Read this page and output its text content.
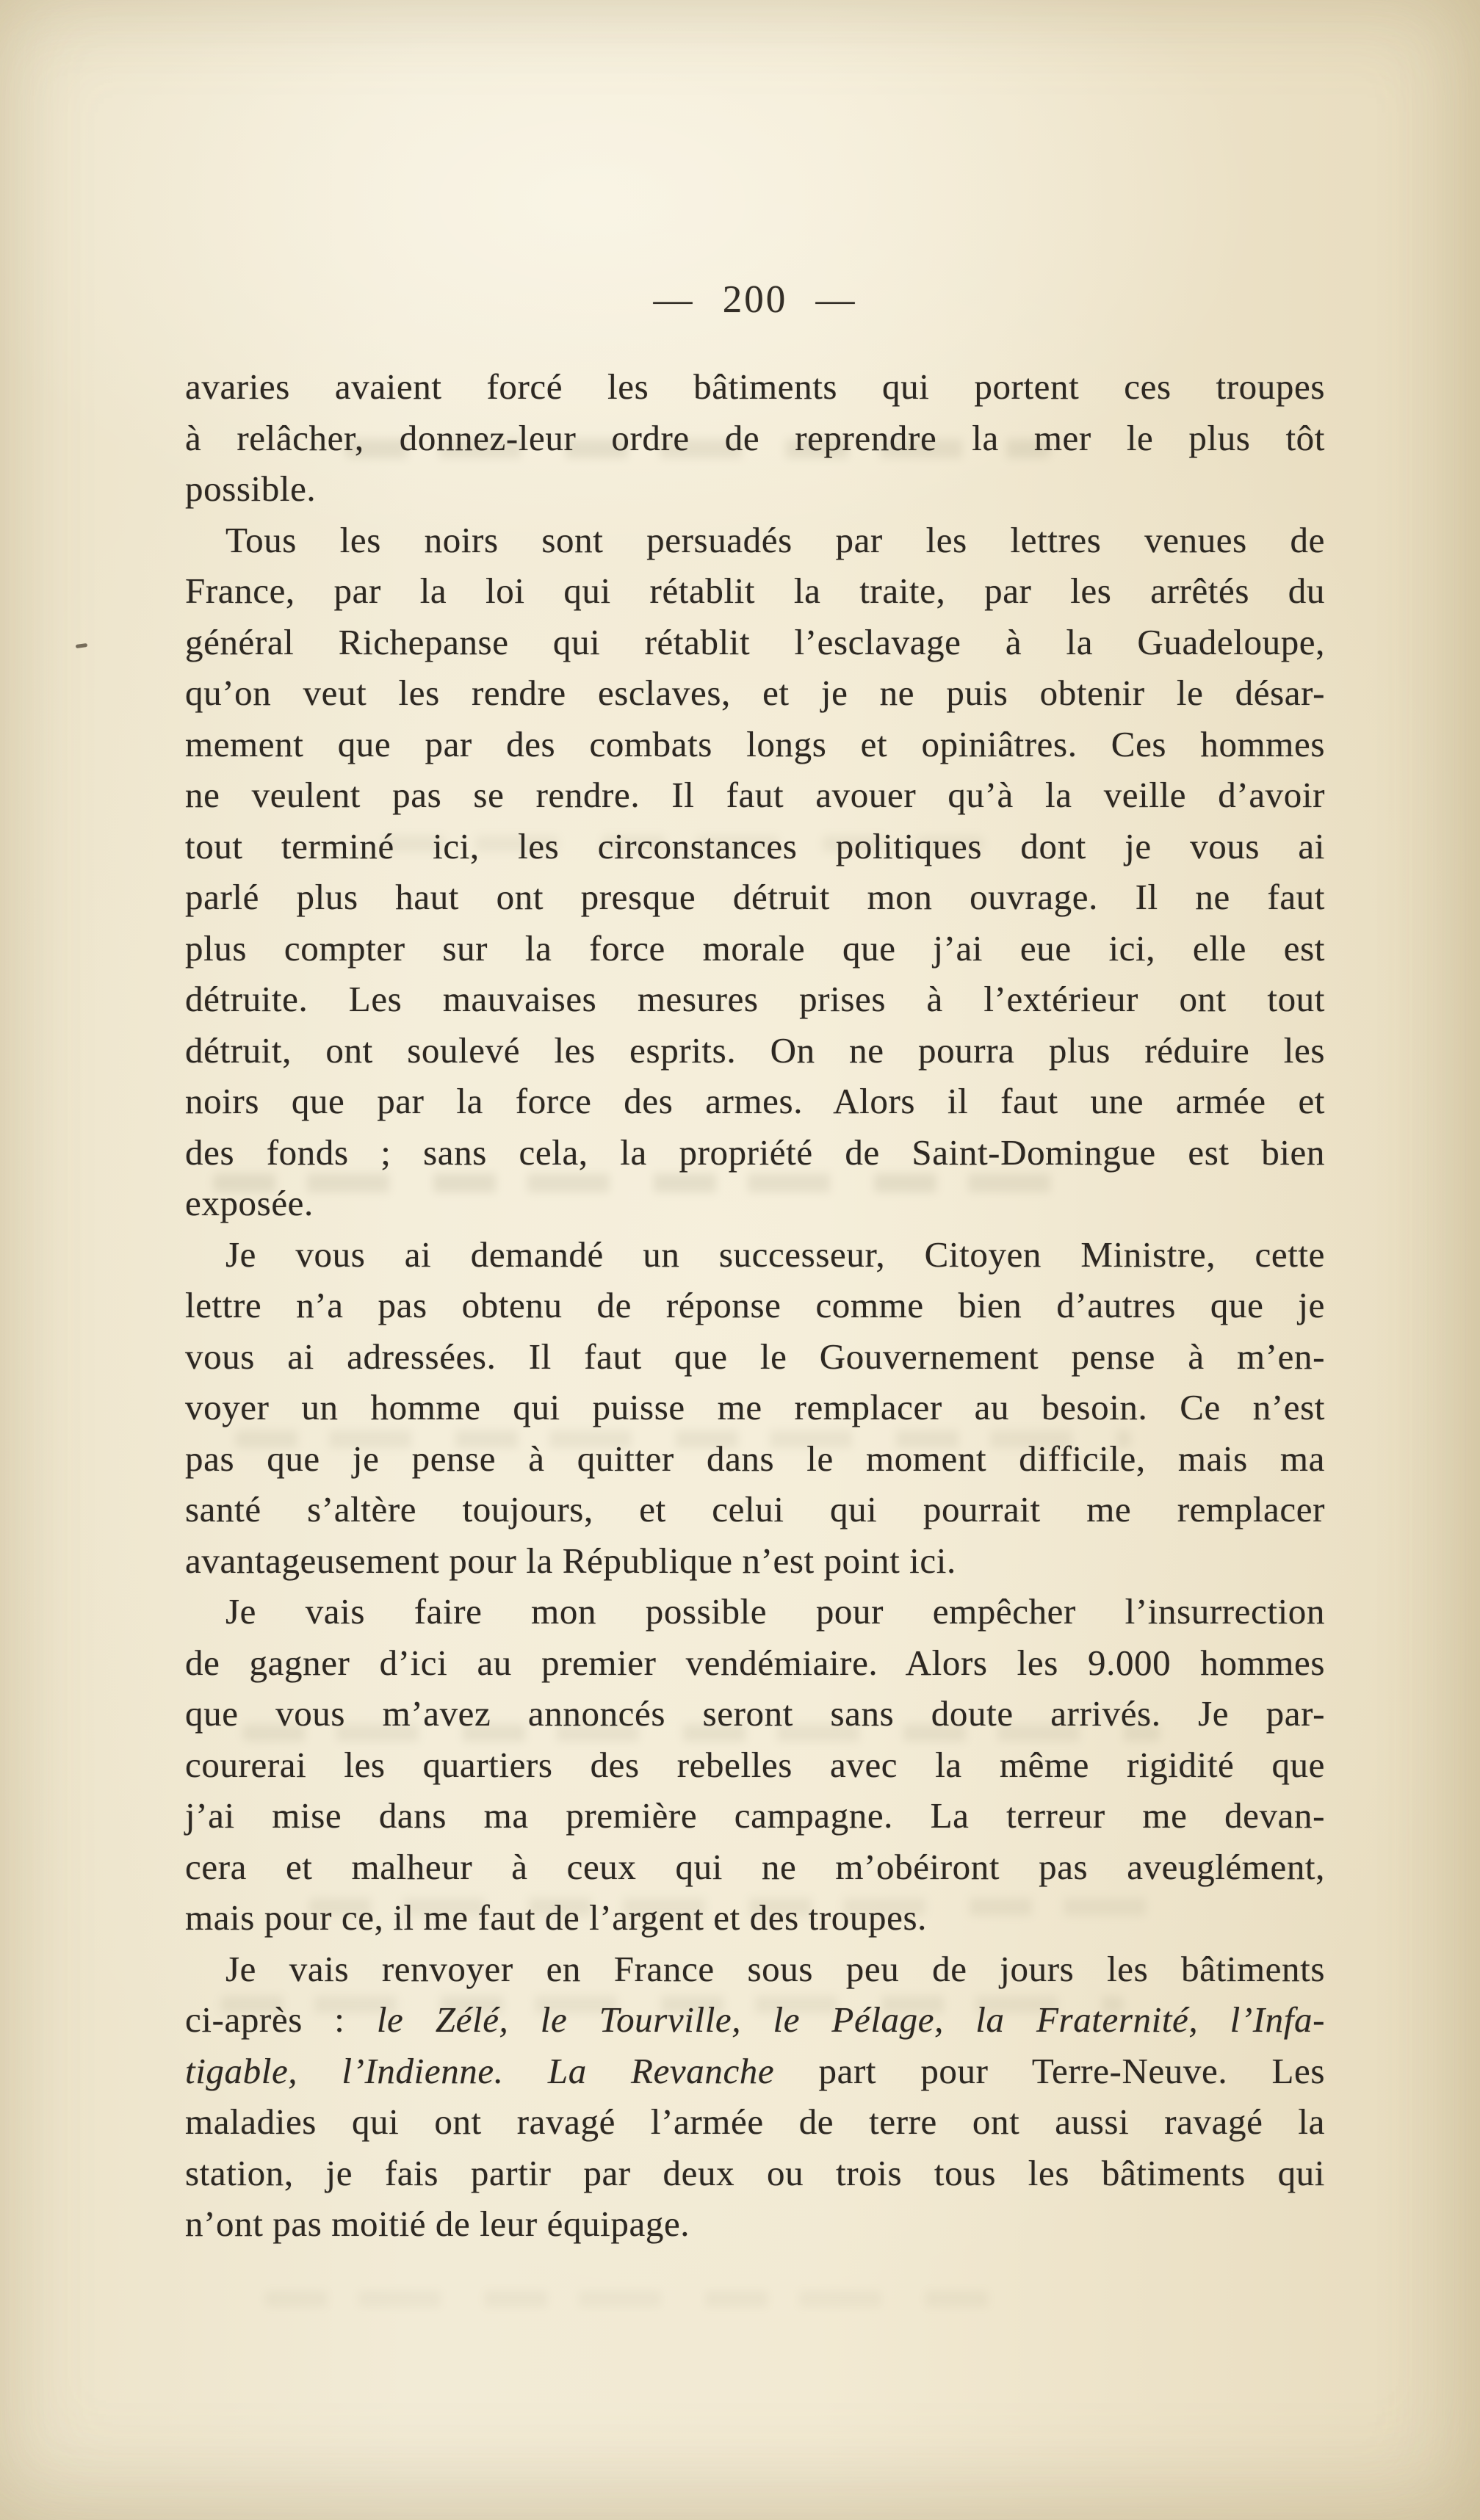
— 200 —
avaries avaient forcé les bâtiments qui portent ces troupes
à relâcher, donnez-leur ordre de reprendre la mer le plus tôt
possible.
Tous les noirs sont persuadés par les lettres venues de
France, par la loi qui rétablit la traite, par les arrêtés du
général Richepanse qui rétablit l’esclavage à la Guadeloupe,
qu’on veut les rendre esclaves, et je ne puis obtenir le désar-
mement que par des combats longs et opiniâtres. Ces hommes
ne veulent pas se rendre. Il faut avouer qu’à la veille d’avoir
tout terminé ici, les circonstances politiques dont je vous ai
parlé plus haut ont presque détruit mon ouvrage. Il ne faut
plus compter sur la force morale que j’ai eue ici, elle est
détruite. Les mauvaises mesures prises à l’extérieur ont tout
détruit, ont soulevé les esprits. On ne pourra plus réduire les
noirs que par la force des armes. Alors il faut une armée et
des fonds ; sans cela, la propriété de Saint-Domingue est bien
exposée.
Je vous ai demandé un successeur, Citoyen Ministre, cette
lettre n’a pas obtenu de réponse comme bien d’autres que je
vous ai adressées. Il faut que le Gouvernement pense à m’en-
voyer un homme qui puisse me remplacer au besoin. Ce n’est
pas que je pense à quitter dans le moment difficile, mais ma
santé s’altère toujours, et celui qui pourrait me remplacer
avantageusement pour la République n’est point ici.
Je vais faire mon possible pour empêcher l’insurrection
de gagner d’ici au premier vendémiaire. Alors les 9.000 hommes
que vous m’avez annoncés seront sans doute arrivés. Je par-
courerai les quartiers des rebelles avec la même rigidité que
j’ai mise dans ma première campagne. La terreur me devan-
cera et malheur à ceux qui ne m’obéiront pas aveuglément,
mais pour ce, il me faut de l’argent et des troupes.
Je vais renvoyer en France sous peu de jours les bâtiments
ci-après : le Zélé, le Tourville, le Pélage, la Fraternité, l’Infa-
tigable, l’Indienne. La Revanche part pour Terre-Neuve. Les
maladies qui ont ravagé l’armée de terre ont aussi ravagé la
station, je fais partir par deux ou trois tous les bâtiments qui
n’ont pas moitié de leur équipage.
